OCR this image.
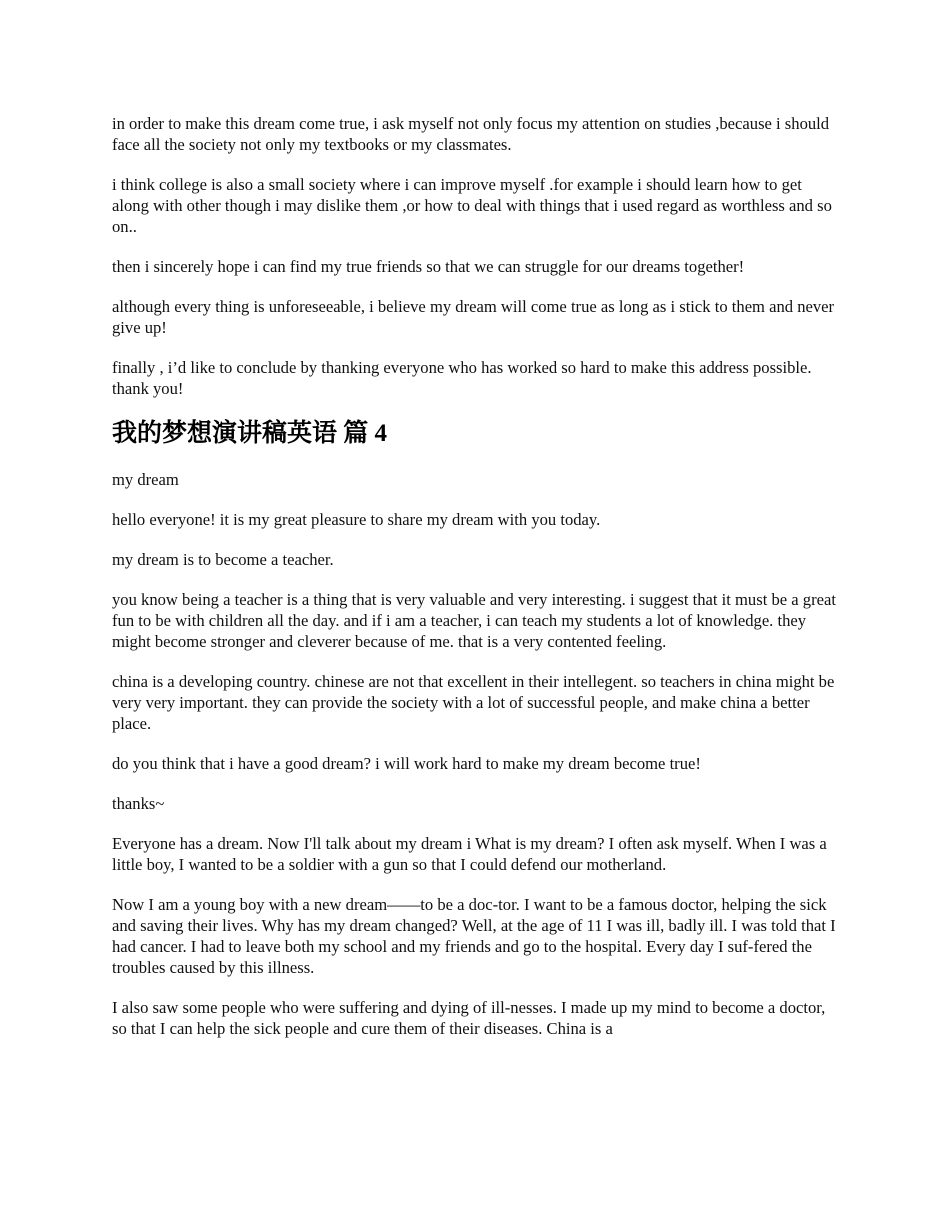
in order to make this dream come true, i ask myself not only focus my attention on studies ,because i should face all the society not only my textbooks or my classmates.

i think college is also a small society where i can improve myself .for example i should learn how to get along with other though i may dislike them ,or how to deal with things that i used regard as worthless and so on..

then i sincerely hope i can find my true friends so that we can struggle for our dreams together!

although every thing is unforeseeable, i believe my dream will come true as long as i stick to them and never give up!

finally , i’d like to conclude by thanking everyone who has worked so hard to make this address possible. thank you!

我的梦想演讲稿英语 篇 4

my dream

hello everyone! it is my great pleasure to share my dream with you today.

my dream is to become a teacher.

you know being a teacher is a thing that is very valuable and very interesting. i suggest that it must be a great fun to be with children all the day. and if i am a teacher, i can teach my students a lot of knowledge. they might become stronger and cleverer because of me. that is a very contented feeling.

china is a developing country. chinese are not that excellent in their intellegent. so teachers in china might be very very important. they can provide the society with a lot of successful people, and make china a better place.

do you think that i have a good dream? i will work hard to make my dream become true!

thanks~

Everyone has a dream. Now I'll talk about my dream i What is my dream? I often ask myself. When I was a little boy, I wanted to be a soldier with a gun so that I could defend our motherland.

Now I am a young boy with a new dream——to be a doc-tor. I want to be a famous doctor, helping the sick and saving their lives. Why has my dream changed? Well, at the age of 11 I was ill, badly ill. I was told that I had cancer. I had to leave both my school and my friends and go to the hospital. Every day I suf-fered the troubles caused by this illness.

I also saw some people who were suffering and dying of ill-nesses. I made up my mind to become a doctor, so that I can help the sick people and cure them of their diseases. China is a
